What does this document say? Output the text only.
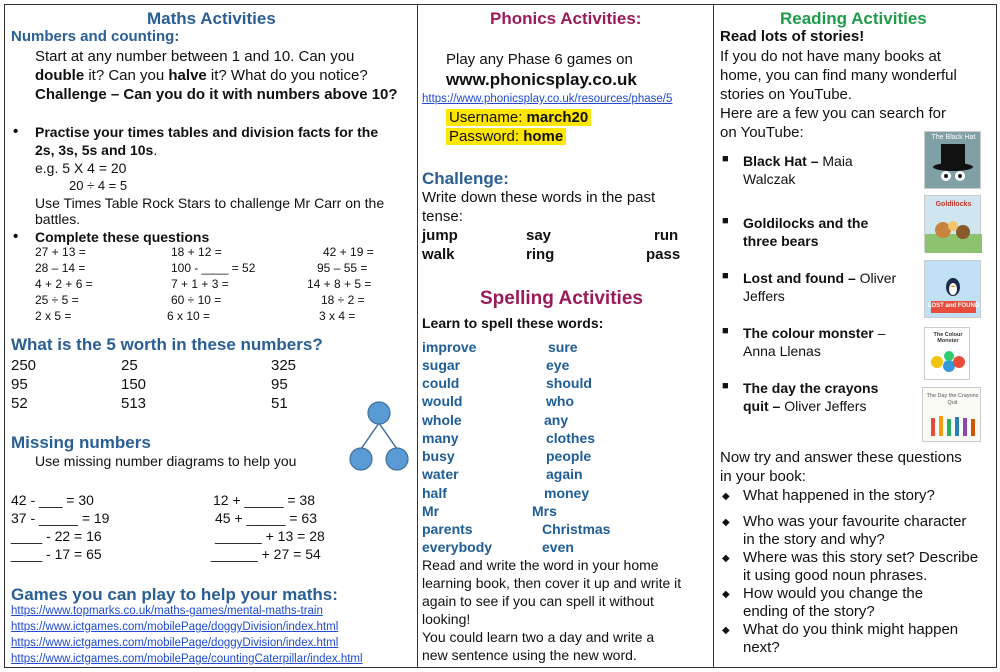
Maths Activities
Numbers and counting:
Start at any number between 1 and 10. Can you
double it? Can you halve it? What do you notice?
Challenge – Can you do it with numbers above 10?
• Practise your times tables and division facts for the
2s, 3s, 5s and 10s.
e.g. 5 X 4 = 20
20 ÷ 4 = 5
Use Times Table Rock Stars to challenge Mr Carr on the
battles.
• Complete these questions
27 + 13 =	18 + 12 =	42 + 19 =
28 – 14 =	100 - ____ = 52	95 – 55 =
4 + 2 + 6 =	7 + 1 + 3 =	14 + 8 + 5 =
25 ÷ 5 =	60 ÷ 10 =	18 ÷ 2 =
2 x 5 =	6 x 10 =	3 x 4 =
What is the 5 worth in these numbers?
250	25	325
95	150	95
52	513	51
Missing numbers
Use missing number diagrams to help you
42 - ___ = 30	12 + _____ = 38
37 - _____ = 19	45 + _____ = 63
____ - 22 = 16	______ + 13 = 28
____ - 17 = 65	______ + 27 = 54
Games you can play to help your maths:
https://www.topmarks.co.uk/maths-games/mental-maths-train
https://www.ictgames.com/mobilePage/doggyDivision/index.html
https://www.ictgames.com/mobilePage/doggyDivision/index.html
https://www.ictgames.com/mobilePage/countingCaterpillar/index.html
Phonics Activities:
Play any Phase 6 games on
www.phonicsplay.co.uk
https://www.phonicsplay.co.uk/resources/phase/5
Username: march20
Password: home
Challenge:
Write down these words in the past
tense:
jump	say	run
walk	ring	pass
Spelling Activities
Learn to spell these words:
improve	sure
sugar	eye
could	should
would	who
whole	any
many	clothes
busy	people
water	again
half	money
Mr	Mrs
parents	Christmas
everybody	even
Read and write the word in your home
learning book, then cover it up and write it
again to see if you can spell it without
looking!
You could learn two a day and write a
new sentence using the new word.
Reading Activities
Read lots of stories!
If you do not have many books at
home, you can find many wonderful
stories on YouTube.
Here are a few you can search for
on YouTube:
■ Black Hat – Maia
Walczak
The Black Hat
■ Goldilocks and the
three bears
Goldilocks
■ Lost and found – Oliver
Jeffers
LOST and FOUND
■ The colour monster –
Anna Llenas
The Colour Monster
■ The day the crayons
quit – Oliver Jeffers
The Day the Crayons Quit
Now try and answer these questions
in your book:
◆ What happened in the story?
◆ Who was your favourite character
in the story and why?
◆ Where was this story set? Describe
it using good noun phrases.
◆ How would you change the
ending of the story?
◆ What do you think might happen
next?
